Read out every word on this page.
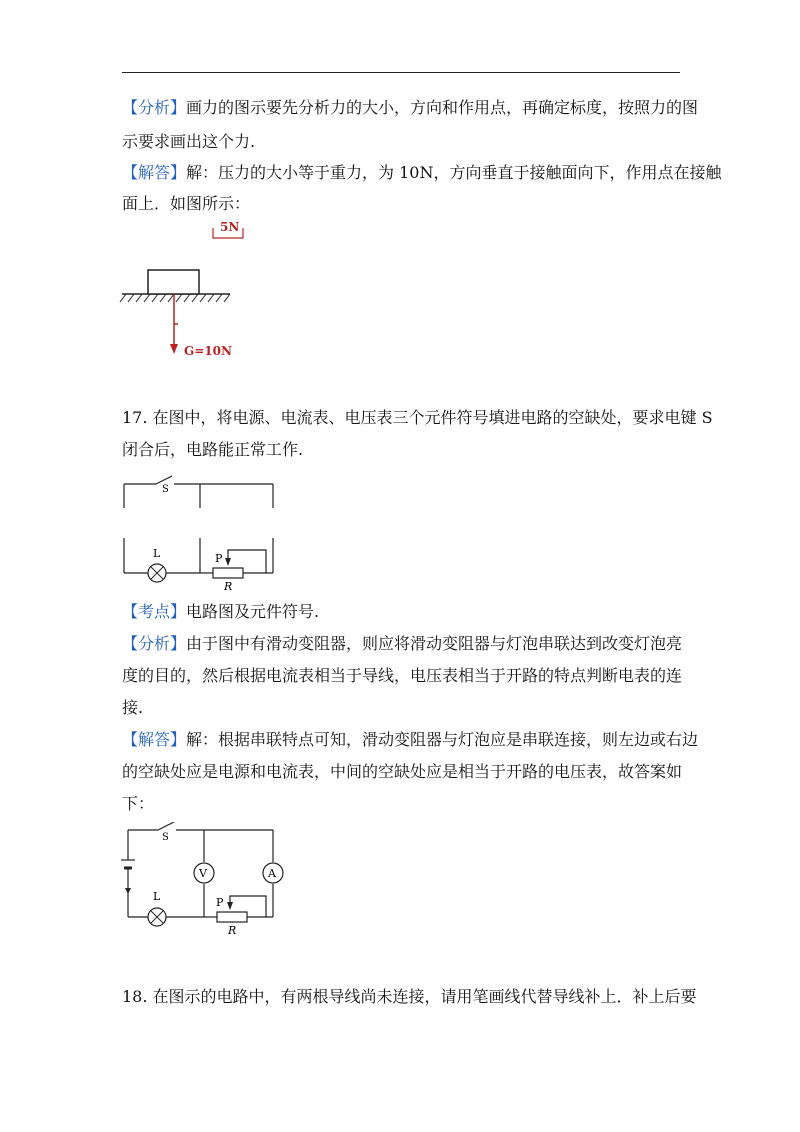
【分析】画力的图示要先分析力的大小，方向和作用点，再确定标度，按照力的图
示要求画出这个力.
【解答】解：压力的大小等于重力，为 10N，方向垂直于接触面向下，作用点在接触
面上．如图所示：
5N
G=10N
17. 在图中，将电源、电流表、电压表三个元件符号填进电路的空缺处，要求电键 S
闭合后，电路能正常工作.
S
L	P
R
【考点】电路图及元件符号.
【分析】由于图中有滑动变阻器，则应将滑动变阻器与灯泡串联达到改变灯泡亮
度的目的，然后根据电流表相当于导线，电压表相当于开路的特点判断电表的连
接.
【解答】解：根据串联特点可知，滑动变阻器与灯泡应是串联连接，则左边或右边
的空缺处应是电源和电流表，中间的空缺处应是相当于开路的电压表，故答案如
下：
V	A
S
L	P
R
18. 在图示的电路中，有两根导线尚未连接，请用笔画线代替导线补上．补上后要
